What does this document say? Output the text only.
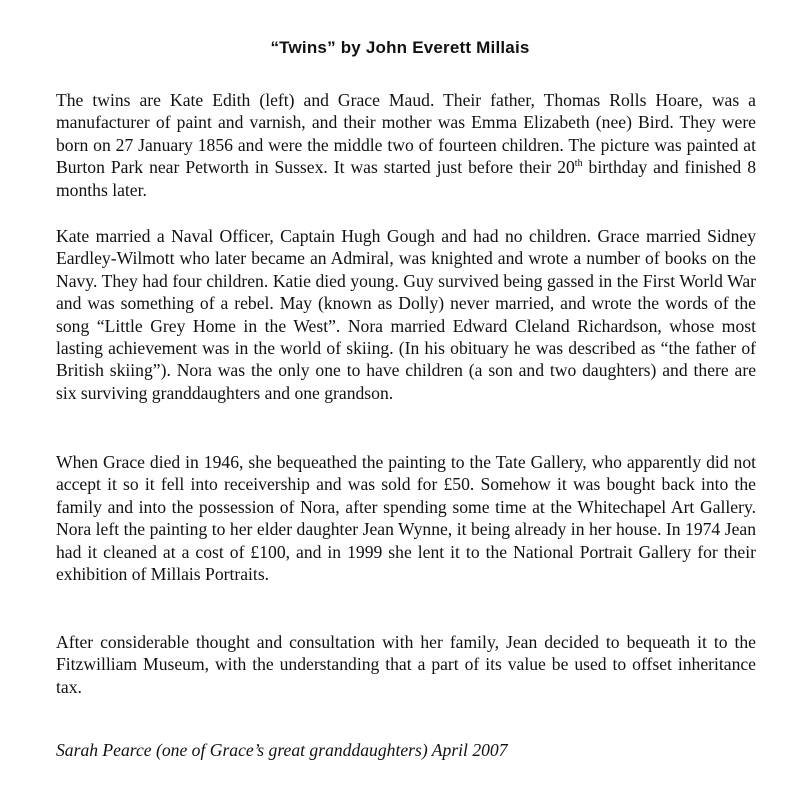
“Twins” by John Everett Millais

The twins are Kate Edith (left) and Grace Maud. Their father, Thomas Rolls Hoare, was a manufacturer of paint and varnish, and their mother was Emma Elizabeth (nee) Bird. They were born on 27 January 1856 and were the middle two of fourteen children. The picture was painted at Burton Park near Petworth in Sussex. It was started just before their 20th birthday and finished 8 months later.

Kate married a Naval Officer, Captain Hugh Gough and had no children. Grace married Sidney Eardley-Wilmott who later became an Admiral, was knighted and wrote a number of books on the Navy. They had four children. Katie died young. Guy survived being gassed in the First World War and was something of a rebel. May (known as Dolly) never married, and wrote the words of the song “Little Grey Home in the West”. Nora married Edward Cleland Richardson, whose most lasting achievement was in the world of skiing. (In his obituary he was described as “the father of British skiing”). Nora was the only one to have children (a son and two daughters) and there are six surviving granddaughters and one grandson.

When Grace died in 1946, she bequeathed the painting to the Tate Gallery, who apparently did not accept it so it fell into receivership and was sold for £50. Somehow it was bought back into the family and into the possession of Nora, after spending some time at the Whitechapel Art Gallery. Nora left the painting to her elder daughter Jean Wynne, it being already in her house. In 1974 Jean had it cleaned at a cost of £100, and in 1999 she lent it to the National Portrait Gallery for their exhibition of Millais Portraits.

After considerable thought and consultation with her family, Jean decided to bequeath it to the Fitzwilliam Museum, with the understanding that a part of its value be used to offset inheritance tax.

Sarah Pearce (one of Grace’s great granddaughters) April 2007
